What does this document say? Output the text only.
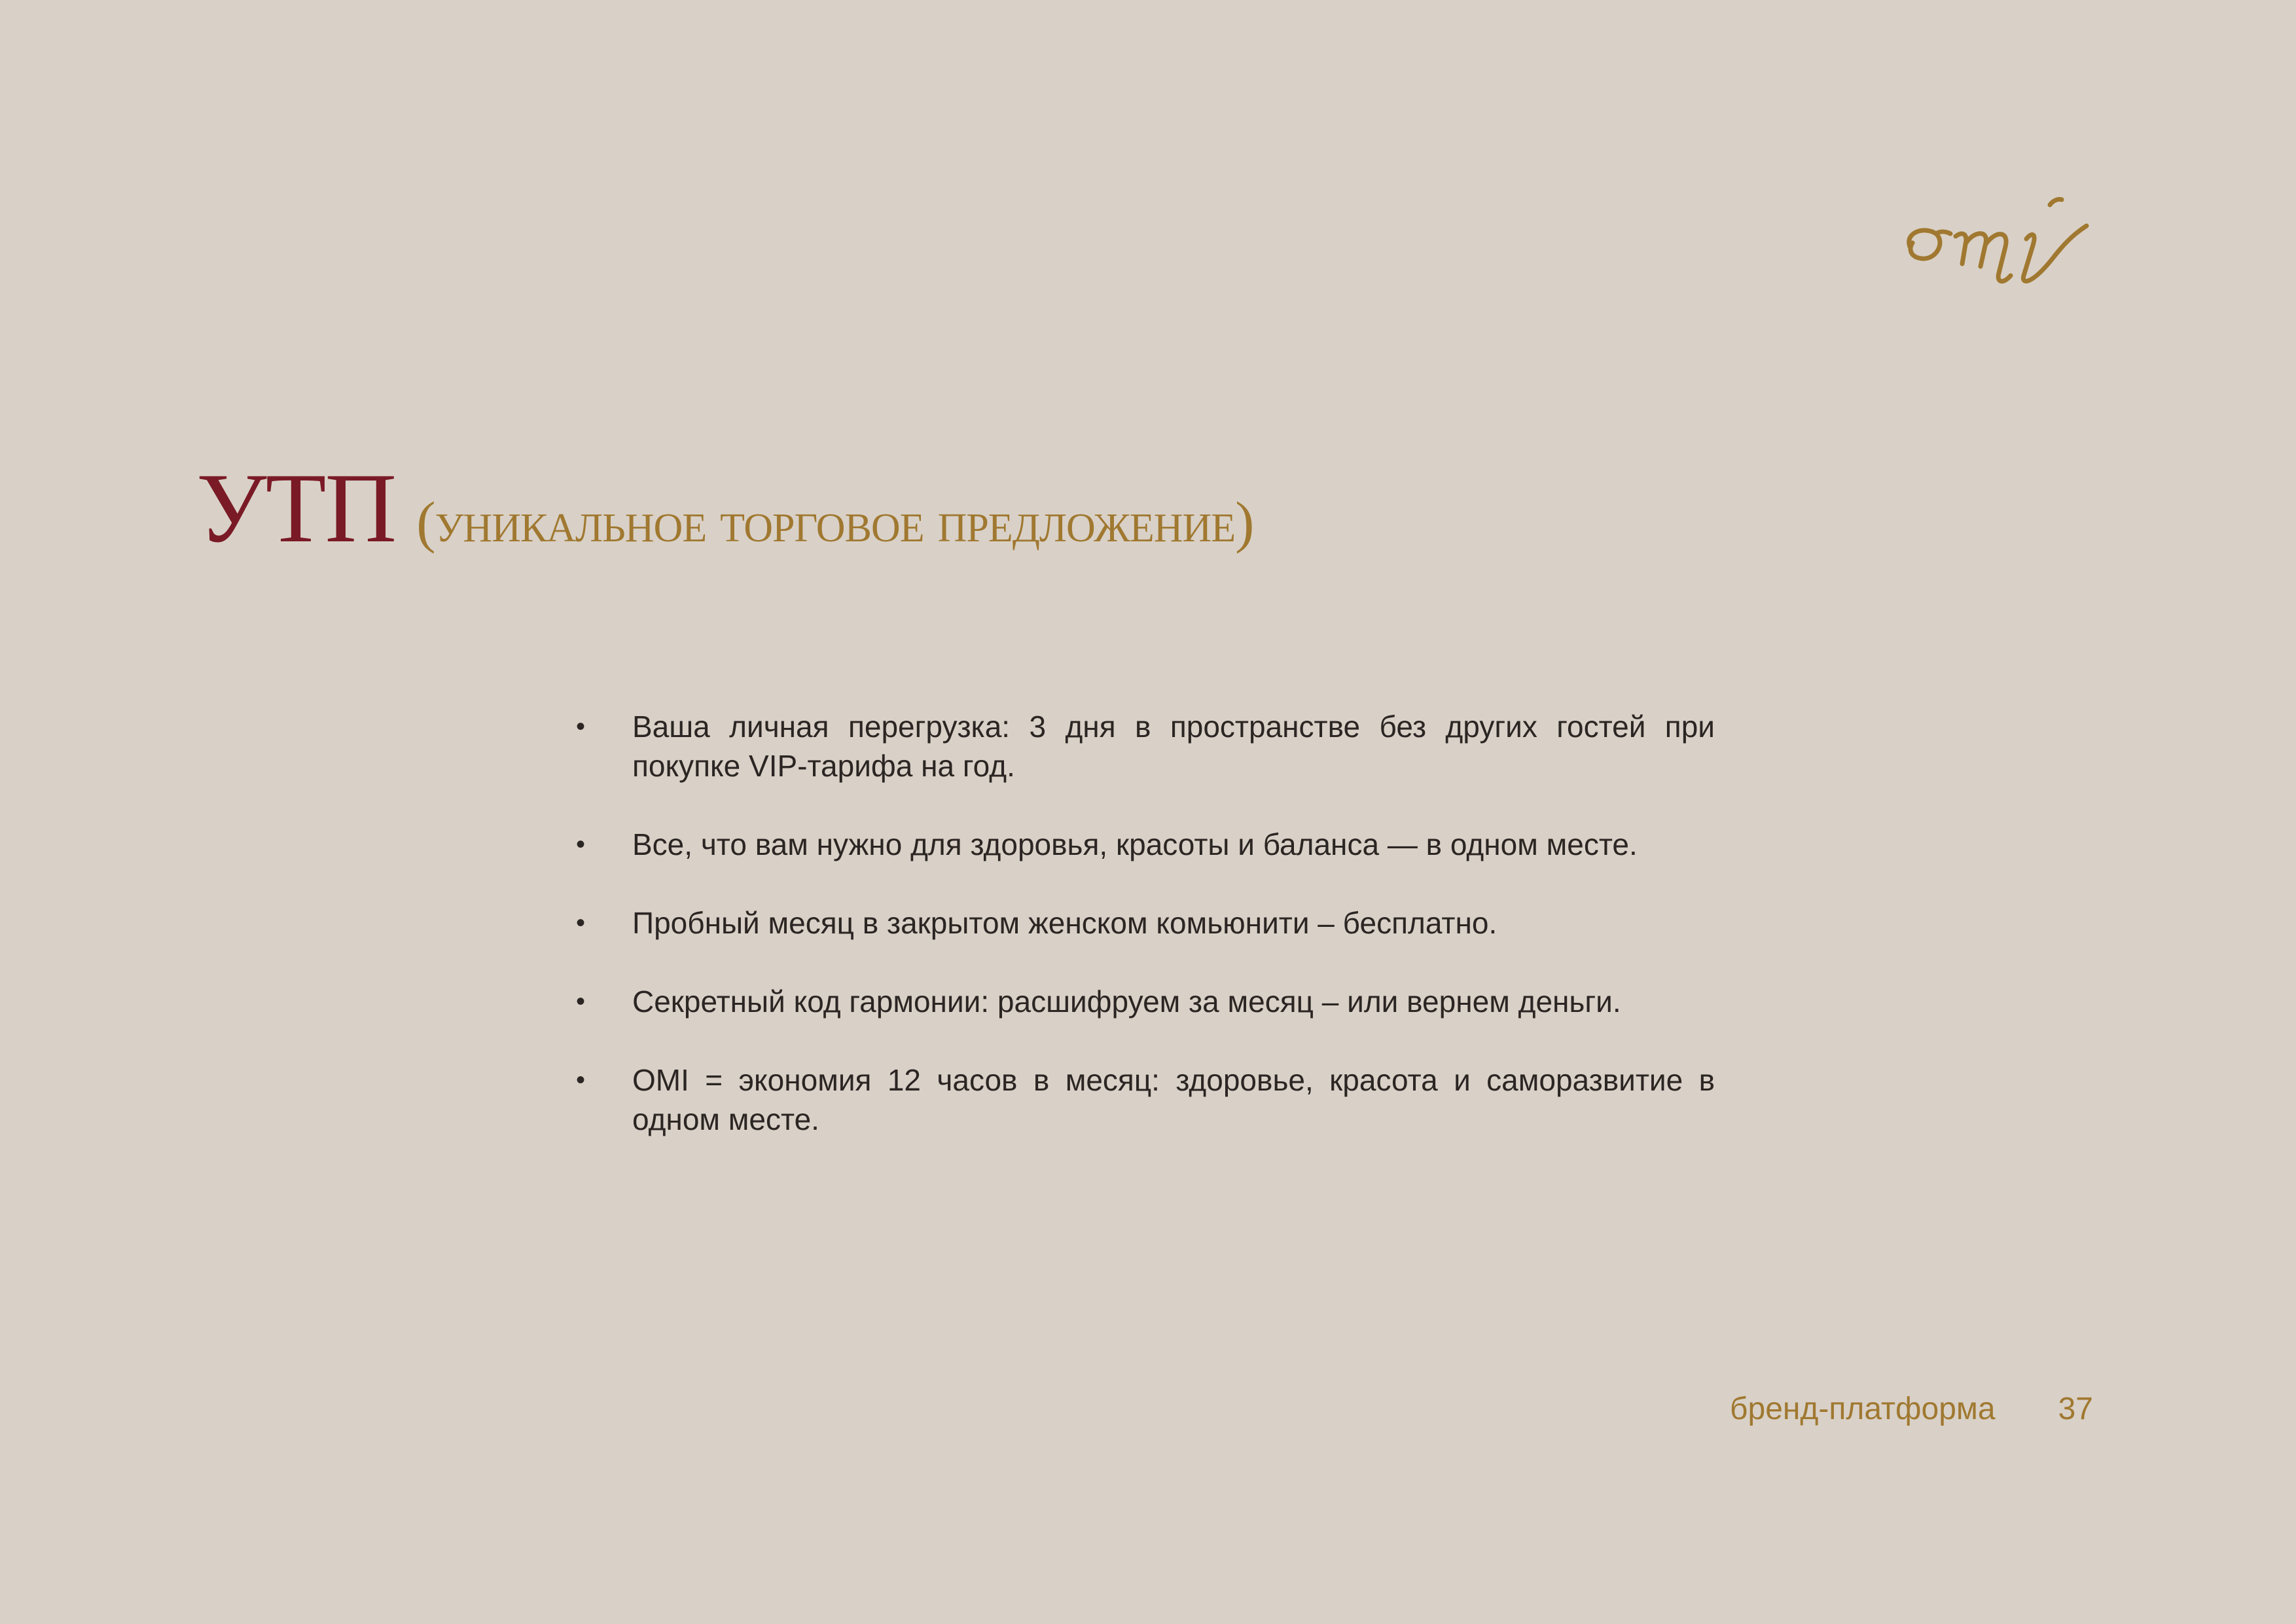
УТП (уникальное торговое предложение)
• Ваша личная перегрузка: 3 дня в пространстве без других гостей при покупке VIP-тарифа на год.
• Все, что вам нужно для здоровья, красоты и баланса — в одном месте.
• Пробный месяц в закрытом женском комьюнити – бесплатно.
• Секретный код гармонии: расшифруем за месяц – или вернем деньги.
• OMI = экономия 12 часов в месяц: здоровье, красота и саморазвитие в одном месте.
бренд-платформа 37
